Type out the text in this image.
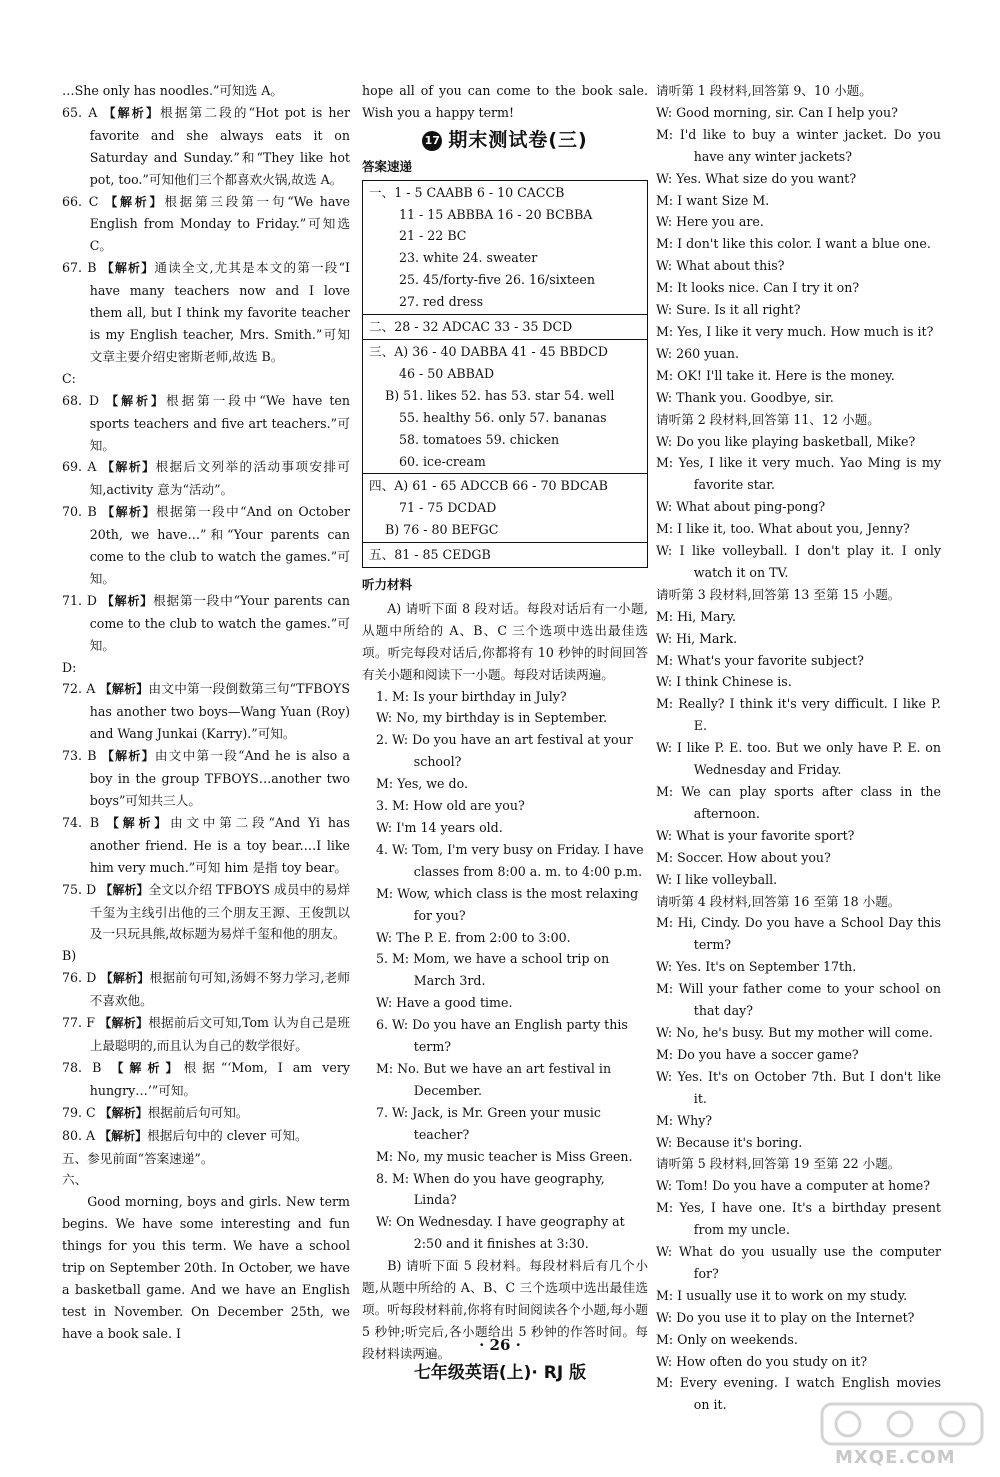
…She only has noodles.”可知选 A。

65. A 【解析】根据第二段的“Hot pot is her favorite and she always eats it on Saturday and Sunday.”和“They like hot pot, too.”可知他们三个都喜欢火锅,故选 A。

66. C 【解析】根据第三段第一句“We have English from Monday to Friday.”可知选 C。

67. B 【解析】通读全文,尤其是本文的第一段“I have many teachers now and I love them all, but I think my favorite teacher is my English teacher, Mrs. Smith.”可知文章主要介绍史密斯老师,故选 B。

C:

68. D 【解析】根据第一段中“We have ten sports teachers and five art teachers.”可知。

69. A 【解析】根据后文列举的活动事项安排可知,activity 意为“活动”。

70. B 【解析】根据第一段中“And on October 20th, we have…”和“Your parents can come to the club to watch the games.”可知。

71. D 【解析】根据第一段中“Your parents can come to the club to watch the games.”可知。

D:

72. A 【解析】由文中第一段倒数第三句“TFBOYS has another two boys—Wang Yuan (Roy) and Wang Junkai (Karry).”可知。

73. B 【解析】由文中第一段“And he is also a boy in the group TFBOYS…another two boys”可知共三人。

74. B 【解析】由文中第二段“And Yi has another friend. He is a toy bear.…I like him very much.”可知 him 是指 toy bear。

75. D 【解析】全文以介绍 TFBOYS 成员中的易烊千玺为主线引出他的三个朋友王源、王俊凯以及一只玩具熊,故标题为易烊千玺和他的朋友。

B)

76. D 【解析】根据前句可知,汤姆不努力学习,老师不喜欢他。

77. F 【解析】根据前后文可知,Tom 认为自己是班上最聪明的,而且认为自己的数学很好。

78. B 【解析】根据“‘Mom, I am very hungry…’”可知。

79. C 【解析】根据前后句可知。

80. A 【解析】根据后句中的 clever 可知。

五、参见前面“答案速递”。

六、

Good morning, boys and girls. New term begins. We have some interesting and fun things for you this term. We have a school trip on September 20th. In October, we have a basketball game. And we have an English test in November. On December 25th, we have a book sale. I

hope all of you can come to the book sale. Wish you a happy term!

17 期末测试卷(三)
答案速递

一、1 - 5 CAABB 6 - 10 CACCB

11 - 15 ABBBA 16 - 20 BCBBA

21 - 22 BC

23. white 24. sweater

25. 45/forty-five 26. 16/sixteen

27. red dress

二、28 - 32 ADCAC 33 - 35 DCD

三、A) 36 - 40 DABBA 41 - 45 BBDCD

46 - 50 ABBAD

B) 51. likes 52. has 53. star 54. well

55. healthy 56. only 57. bananas

58. tomatoes 59. chicken

60. ice-cream

四、A) 61 - 65 ADCCB 66 - 70 BDCAB

71 - 75 DCDAD

B) 76 - 80 BEFGC

五、81 - 85 CEDGB

听力材料

A) 请听下面 8 段对话。每段对话后有一小题,从题中所给的 A、B、C 三个选项中选出最佳选项。听完每段对话后,你都将有 10 秒钟的时间回答有关小题和阅读下一小题。每段对话读两遍。

1. M: Is your birthday in July?

W: No, my birthday is in September.

2. W: Do you have an art festival at your school?

M: Yes, we do.

3. M: How old are you?

W: I'm 14 years old.

4. W: Tom, I'm very busy on Friday. I have classes from 8:00 a. m. to 4:00 p.m.

M: Wow, which class is the most relaxing for you?

W: The P. E. from 2:00 to 3:00.

5. M: Mom, we have a school trip on March 3rd.

W: Have a good time.

6. W: Do you have an English party this term?

M: No. But we have an art festival in December.

7. W: Jack, is Mr. Green your music teacher?

M: No, my music teacher is Miss Green.

8. M: When do you have geography, Linda?

W: On Wednesday. I have geography at 2:50 and it finishes at 3:30.

B) 请听下面 5 段材料。每段材料后有几个小题,从题中所给的 A、B、C 三个选项中选出最佳选项。听每段材料前,你将有时间阅读各个小题,每小题 5 秒钟;听完后,各小题给出 5 秒钟的作答时间。每段材料读两遍。

请听第 1 段材料,回答第 9、10 小题。

W: Good morning, sir. Can I help you?

M: I'd like to buy a winter jacket. Do you have any winter jackets?

W: Yes. What size do you want?

M: I want Size M.

W: Here you are.

M: I don't like this color. I want a blue one.

W: What about this?

M: It looks nice. Can I try it on?

W: Sure. Is it all right?

M: Yes, I like it very much. How much is it?

W: 260 yuan.

M: OK! I'll take it. Here is the money.

W: Thank you. Goodbye, sir.

请听第 2 段材料,回答第 11、12 小题。

W: Do you like playing basketball, Mike?

M: Yes, I like it very much. Yao Ming is my favorite star.

W: What about ping-pong?

M: I like it, too. What about you, Jenny?

W: I like volleyball. I don't play it. I only watch it on TV.

请听第 3 段材料,回答第 13 至第 15 小题。

M: Hi, Mary.

W: Hi, Mark.

M: What's your favorite subject?

W: I think Chinese is.

M: Really? I think it's very difficult. I like P. E.

W: I like P. E. too. But we only have P. E. on Wednesday and Friday.

M: We can play sports after class in the afternoon.

W: What is your favorite sport?

M: Soccer. How about you?

W: I like volleyball.

请听第 4 段材料,回答第 16 至第 18 小题。

M: Hi, Cindy. Do you have a School Day this term?

W: Yes. It's on September 17th.

M: Will your father come to your school on that day?

W: No, he's busy. But my mother will come.

M: Do you have a soccer game?

W: Yes. It's on October 7th. But I don't like it.

M: Why?

W: Because it's boring.

请听第 5 段材料,回答第 19 至第 22 小题。

W: Tom! Do you have a computer at home?

M: Yes, I have one. It's a birthday present from my uncle.

W: What do you usually use the computer for?

M: I usually use it to work on my study.

W: Do you use it to play on the Internet?

M: Only on weekends.

W: How often do you study on it?

M: Every evening. I watch English movies on it.

· 26 ·
七年级英语(上)· RJ 版
MXQE.COM
